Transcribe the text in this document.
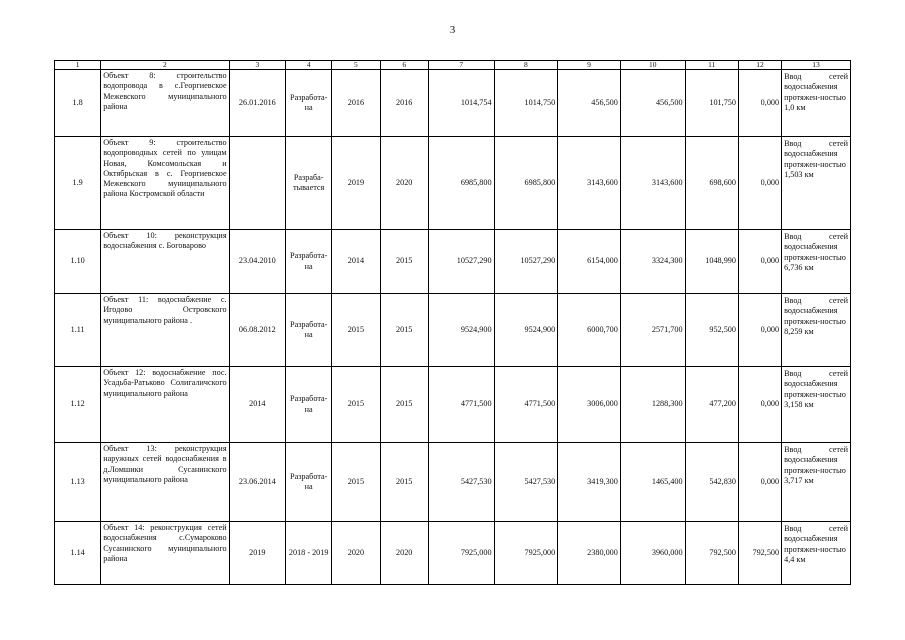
3
1	2	3	4	5	6	7	8	9	10	11	12	13
1.8	Объект 8: строительство водопровода в с.Георгиевское Межевского муниципального района	26.01.2016	Разработа-на	2016	2016	1014,754	1014,750	456,500	456,500	101,750	0,000	Ввод сетей водоснабжения протяжен-ностью 1,0 км
1.9	Объект 9: строительство водопроводных сетей по улицам Новая, Комсомольская и Октябрьская в с. Георгиевское Межевского муниципального района Костромской области		Разраба-тывается	2019	2020	6985,800	6985,800	3143,600	3143,600	698,600	0,000	Ввод сетей водоснабжения протяжен-ностью 1,503 км
1.10	Объект 10: реконструкция водоснабжения с. Боговарово	23.04.2010	Разработа-на	2014	2015	10527,290	10527,290	6154,000	3324,300	1048,990	0,000	Ввод сетей водоснабжения протяжен-ностью 6,736 км
1.11	Объект 11: водоснабжение с. Игодово Островского муниципального района .	06.08.2012	Разработа-на	2015	2015	9524,900	9524,900	6000,700	2571,700	952,500	0,000	Ввод сетей водоснабжения протяжен-ностью 8,259 км
1.12	Объект 12: водоснабжение пос. Усадьба-Ратьково Солигаличского муниципального района	2014	Разработа-на	2015	2015	4771,500	4771,500	3006,000	1288,300	477,200	0,000	Ввод сетей водоснабжения протяжен-ностью 3,158 км
1.13	Объект 13: реконструкция наружных сетей водоснабжения в д.Ломшики Сусанинского муниципального района	23.06.2014	Разработа-на	2015	2015	5427,530	5427,530	3419,300	1465,400	542,830	0,000	Ввод сетей водоснабжения протяжен-ностью 3,717 км
1.14	Объект 14: реконструкция сетей водоснабжения с.Сумароково Сусанинского муниципального района	2019	2018 - 2019	2020	2020	7925,000	7925,000	2380,000	3960,000	792,500	792,500	Ввод сетей водоснабжения протяжен-ностью 4,4 км
